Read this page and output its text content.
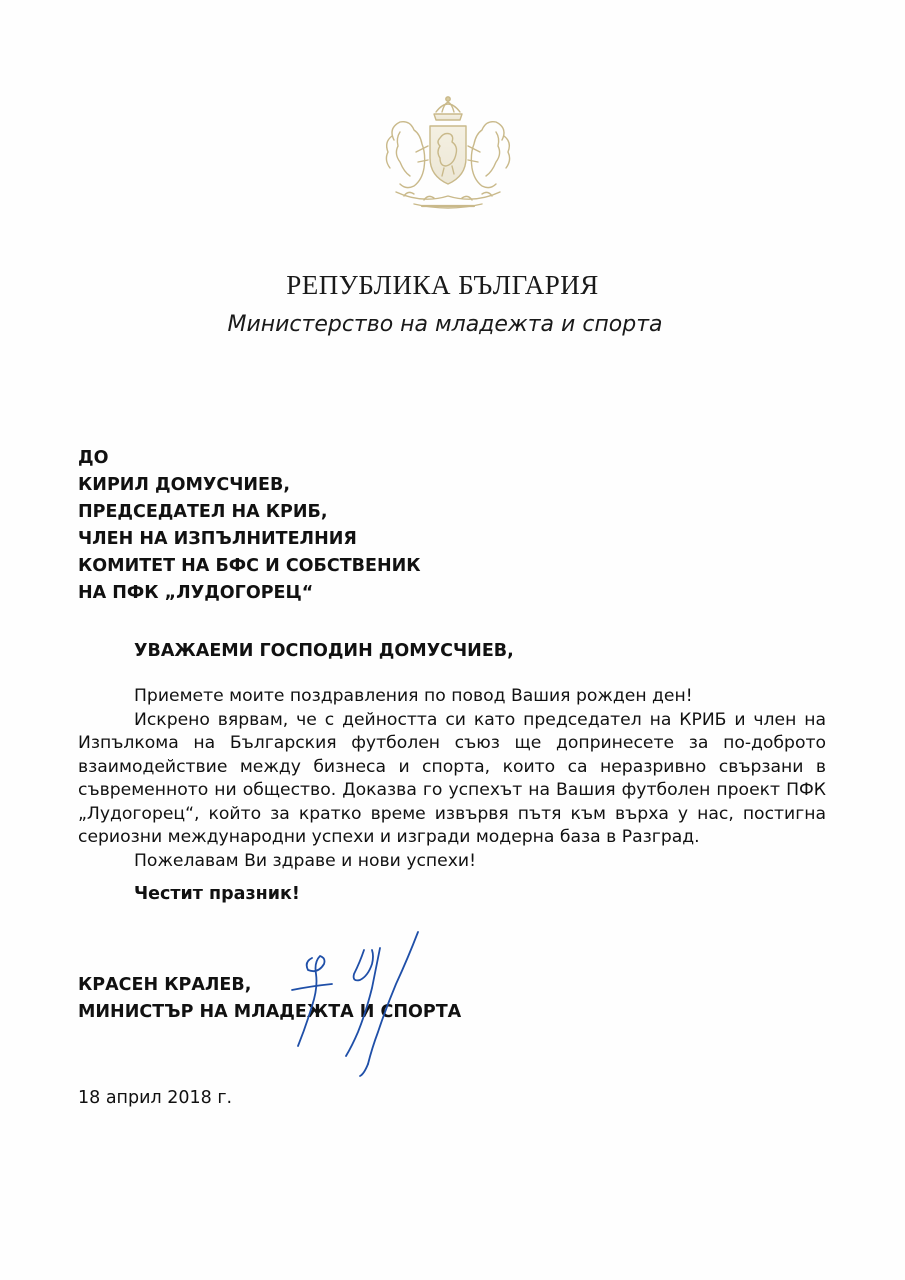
РЕПУБЛИКА БЪЛГАРИЯ
Министерство на младежта и спорта
ДО
КИРИЛ ДОМУСЧИЕВ,
ПРЕДСЕДАТЕЛ НА КРИБ,
ЧЛЕН НА ИЗПЪЛНИТЕЛНИЯ
КОМИТЕТ НА БФС И СОБСТВЕНИК
НА ПФК „ЛУДОГОРЕЦ“
УВАЖАЕМИ ГОСПОДИН ДОМУСЧИЕВ,

Приемете моите поздравления по повод Вашия рожден ден!

Искрено вярвам, че с дейността си като председател на КРИБ и член на Изпълкома на Българския футболен съюз ще допринесете за по-доброто взаимодействие между бизнеса и спорта, които са неразривно свързани в съвременното ни общество. Доказва го успехът на Вашия футболен проект ПФК „Лудогорец“, който за кратко време извървя пътя към върха у нас, постигна сериозни международни успехи и изгради модерна база в Разград.

Пожелавам Ви здраве и нови успехи!

Честит празник!
КРАСЕН КРАЛЕВ,
МИНИСТЪР НА МЛАДЕЖТА И СПОРТА
18 април 2018 г.
